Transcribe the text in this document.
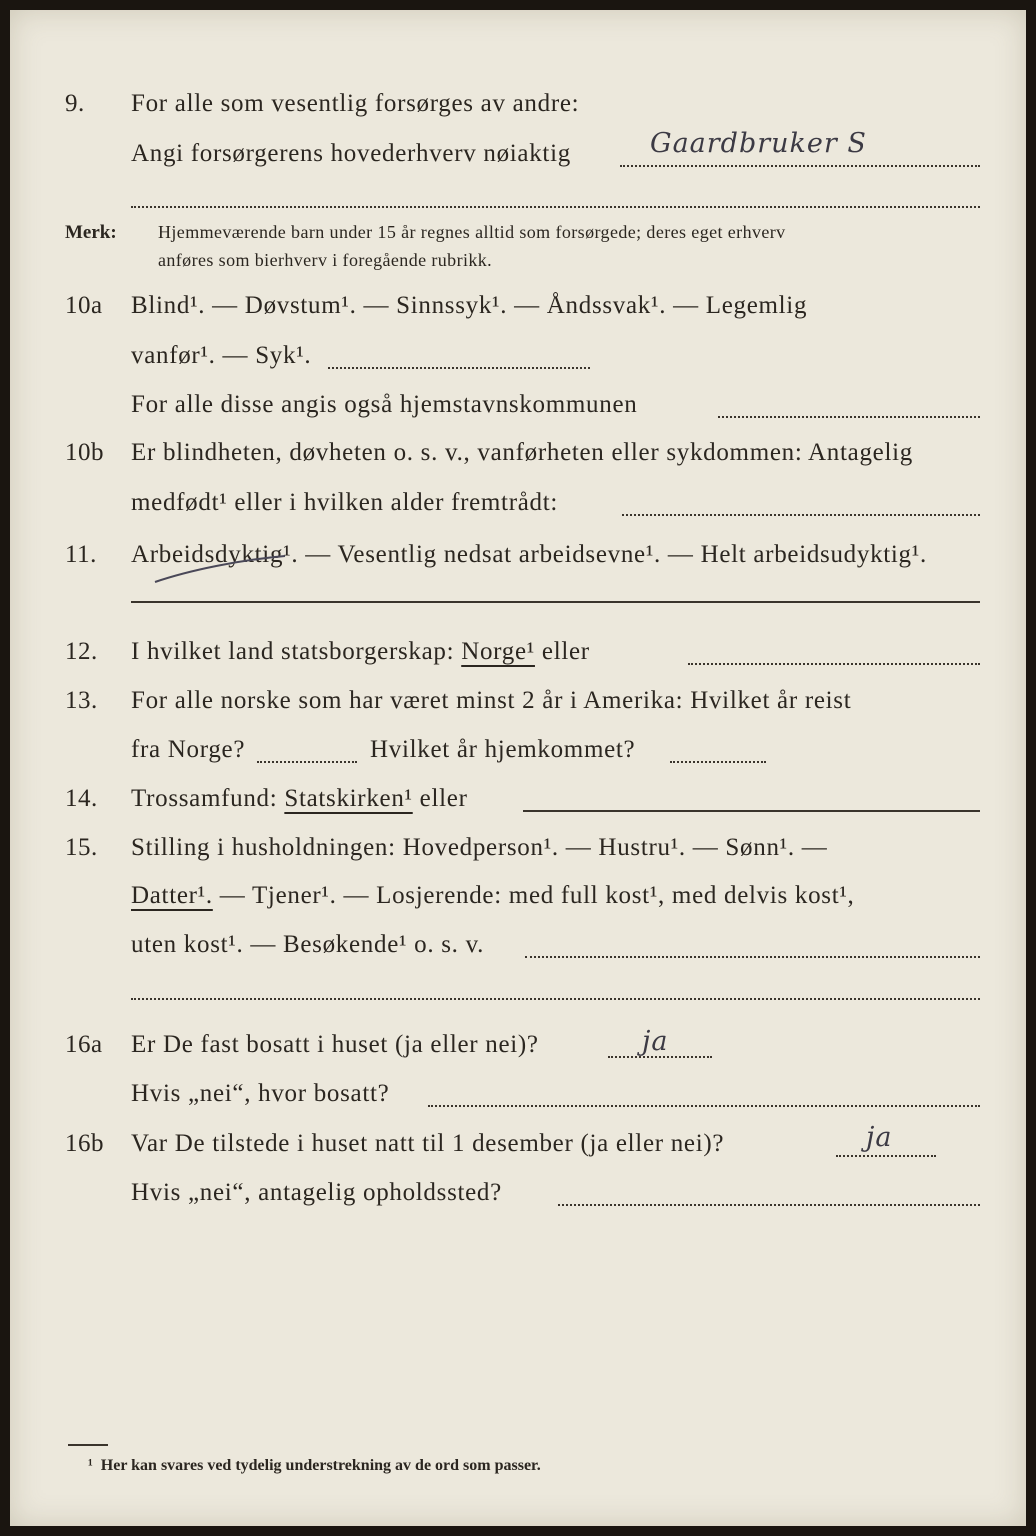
9. For alle som vesentlig forsørges av andre:
Angi forsørgerens hovederhverv nøiaktig	Gaardbruker S
Merk: Hjemmeværende barn under 15 år regnes alltid som forsørgede; deres eget erhverv
anføres som bierhverv i foregående rubrikk.
10a Blind¹. — Døvstum¹. — Sinnssyk¹. — Åndssvak¹. — Legemlig
vanfør¹. — Syk¹.
For alle disse angis også hjemstavnskommunen
10b Er blindheten, døvheten o. s. v., vanførheten eller sykdommen: Antagelig
medfødt¹ eller i hvilken alder fremtrådt:
11. Arbeidsdyktig¹. — Vesentlig nedsat arbeidsevne¹. — Helt arbeidsudyktig¹.
12. I hvilket land statsborgerskap: Norge¹ eller
13. For alle norske som har været minst 2 år i Amerika: Hvilket år reist
fra Norge?	Hvilket år hjemkommet?
14. Trossamfund: Statskirken¹ eller
15. Stilling i husholdningen: Hovedperson¹. — Hustru¹. — Sønn¹. —
Datter¹. — Tjener¹. — Losjerende: med full kost¹, med delvis kost¹,
uten kost¹. — Besøkende¹ o. s. v.
16a Er De fast bosatt i huset (ja eller nei)?	ja
Hvis „nei“, hvor bosatt?
16b Var De tilstede i huset natt til 1 desember (ja eller nei)?	ja
Hvis „nei“, antagelig opholdssted?
¹ Her kan svares ved tydelig understrekning av de ord som passer.
